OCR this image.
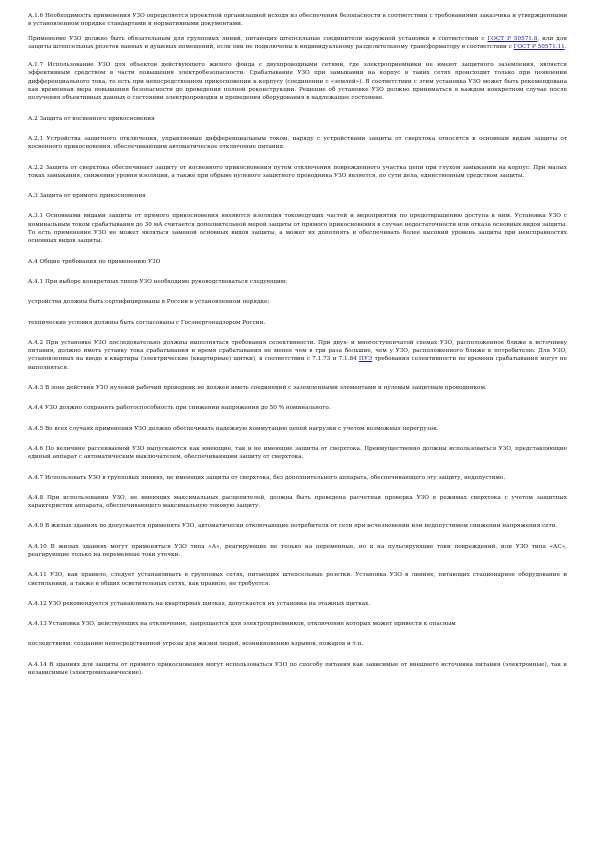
А.1.6 Необходимость применения УЗО определяется проектной организацией исходя из обеспечения безопасности в соответствии с требованиями заказчика и утвержденными в установленном порядке стандартами и нормативными документами.

Применение УЗО должно быть обязательным для групповых линий, питающих штепсельные соединители наружной установки в соответствии с ГОСТ Р 50571.8, или для защиты штепсельных розеток ванных и душевых помещений, если они не подключены к индивидуальному разделительному трансформатору в соответствии с ГОСТ Р 50571.11.

А.1.7 Использование УЗО для объектов действующего жилого фонда с двухпроводными сетями, где электроприемники не имеют защитного заземления, является эффективным средством в части повышения электробезопасности. Срабатывание УЗО при замыкании на корпус в таких сетях происходит только при появлении дифференциального тока, то есть при непосредственном прикосновении к корпусу (соединении с «землей»). В соответствии с этим установка УЗО может быть рекомендована как временная мера повышения безопасности до проведения полной реконструкции. Решение об установке УЗО должно приниматься в каждом конкретном случае после получения объективных данных о состоянии электропроводки и проведения оборудования в надлежащее состояние.

А.2 Защита от косвенного прикосновения

А.2.1 Устройства защитного отключения, управляемые дифференциальным током, наряду с устройствами защиты от сверхтока относятся к основным видам защиты от косвенного прикосновения, обеспечивающим автоматическое отключение питания.

А.2.2 Защита от сверхтока обеспечивает защиту от косвенного прикосновения путем отключения поврежденного участка цепи при глухом замыкании на корпус. При малых токах замыкания, снижении уровня изоляции, а также при обрыве нулевого защитного проводника УЗО является, по сути дела, единственным средством защиты.

А.3 Защита от прямого прикосновения

А.3.1 Основными видами защиты от прямого прикосновения являются изоляция токоведущих частей и мероприятия по предотвращению доступа к ним. Установка УЗО с номинальным током срабатывания до 30 мА считается дополнительной мерой защиты от прямого прикосновения в случае недостаточности или отказа основных видов защиты. То есть применение УЗО не может являться заменой основных видов защиты, а может их дополнять и обеспечивать более высокий уровень защиты при неисправностях основных видов защиты.

А.4 Общие требования по применению УЗО

А.4.1 При выборе конкретных типов УЗО необходимо руководствоваться следующим:

устройства должны быть сертифицированы в России в установленном порядке;

технические условия должны быть согласованы с Госэнергонадзором России.

А.4.2 При установке УЗО последовательно должны выполняться требования селективности. При двух- и многоступенчатой схемах УЗО, расположенное ближе к источнику питания, должно иметь уставку тока срабатывания и время срабатывания не менее чем в три раза большие, чем у УЗО, расположенного ближе к потребителю. Для УЗО, установленных на вводе в квартиры (электрические (квартирные) щитки), в соответствии с 7.1.73 и 7.1.84 ПУЭ требования селективности по времени срабатывания могут не выполняться.

А.4.3 В зоне действия УЗО нулевой рабочий проводник не должен иметь соединений с заземленными элементами и нулевым защитным проводником.

А.4.4 УЗО должно сохранять работоспособность при снижении напряжения до 50 % номинального.

А.4.5 Во всех случаях применения УЗО должно обеспечивать надежную коммутацию цепей нагрузки с учетом возможных перегрузок.

А.4.6 По величине рассеиваемой УЗО выпускаются как имеющие, так и не имеющие защиты от сверхтока. Преимущественно должны использоваться УЗО, представляющие единый аппарат с автоматическим выключателем, обеспечивающим защиту от сверхтока.

А.4.7 Использовать УЗО в групповых линиях, не имеющих защиты от сверхтока, без дополнительного аппарата, обеспечивающего эту защиту, недопустимо.

А.4.8 При использовании УЗО, не имеющих максимальных расцепителей, должна быть проведена расчетная проверка УЗО в режимах сверхтока с учетом защитных характеристик аппарата, обеспечивающего максимальную токовую защиту.

А.4.9 В жилых зданиях не допускается применять УЗО, автоматически отключающие потребителя от сети при исчезновении или недопустимом снижении напряжения сети.

А.4.10 В жилых зданиях могут применяться УЗО типа «А», реагирующие не только на переменные, но и на пульсирующие токи повреждений, или УЗО типа «АС», реагирующие только на переменные токи утечки.

А.4.11 УЗО, как правило, следует устанавливать в групповых сетях, питающих штепсельные розетки. Установка УЗО в линиях, питающих стационарное оборудование и светильники, а также в общих осветительных сетях, как правило, не требуется.

А.4.12 УЗО рекомендуется устанавливать на квартирных щитках, допускается их установка на этажных щитках.

А.4.13 Установка УЗО, действующих на отключение, запрещается для электроприемников, отключение которых может привести к опасным

последствиям: созданию непосредственной угрозы для жизни людей, возникновению взрывов, пожаров и т.п.

А.4.14 В зданиях для защиты от прямого прикосновения могут использоваться УЗО по способу питания как зависимые от внешнего источника питания (электронные), так и независимые (электромеханические).
